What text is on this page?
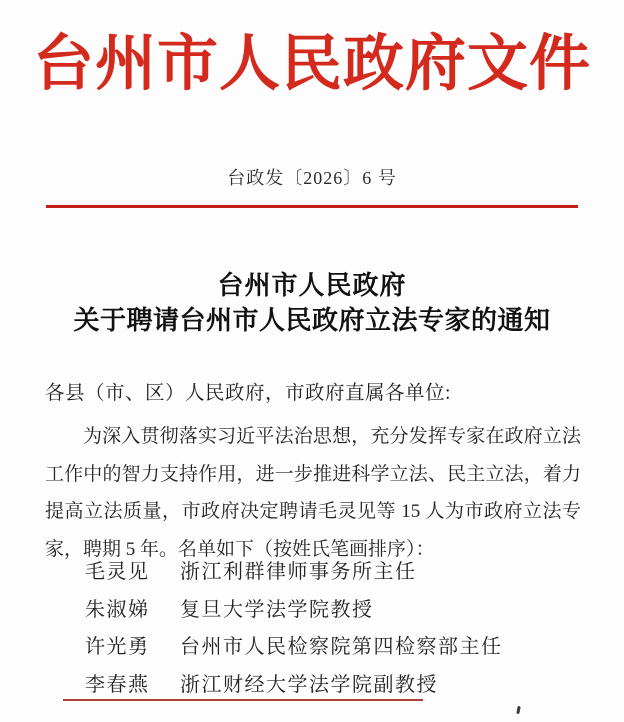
台州市人民政府文件
台政发〔2026〕6 号
台州市人民政府
关于聘请台州市人民政府立法专家的通知
各县（市、区）人民政府，市政府直属各单位:
为深入贯彻落实习近平法治思想，充分发挥专家在政府立法工作中的智力支持作用，进一步推进科学立法、民主立法，着力提高立法质量，市政府决定聘请毛灵见等 15 人为市政府立法专家，聘期 5 年。名单如下（按姓氏笔画排序）：
毛灵见 浙江利群律师事务所主任
朱淑娣 复旦大学法学院教授
许光勇 台州市人民检察院第四检察部主任
李春燕 浙江财经大学法学院副教授
